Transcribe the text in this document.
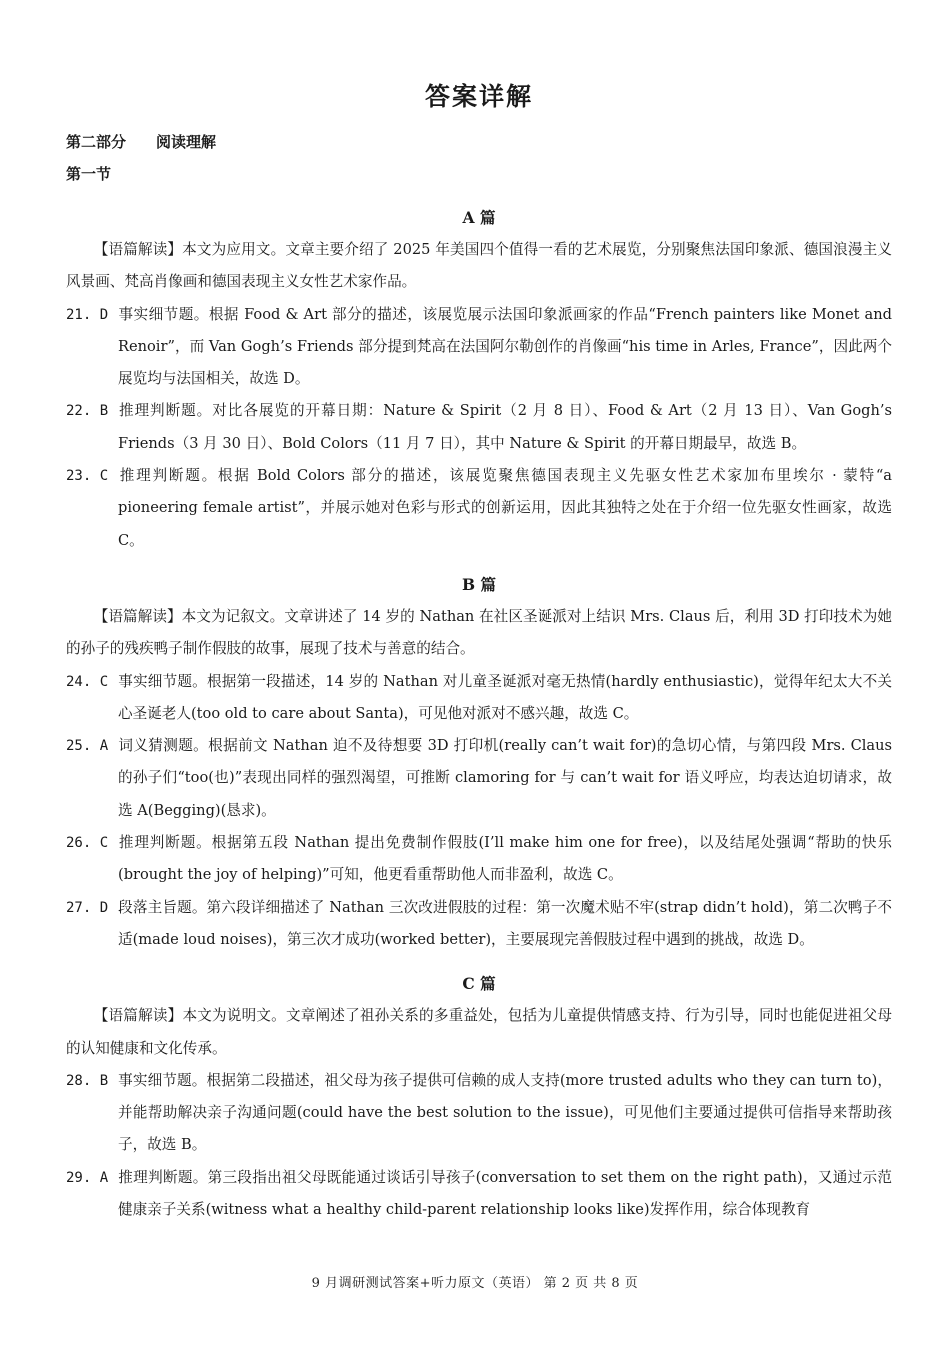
答案详解
第二部分 阅读理解
第一节
A 篇

【语篇解读】本文为应用文。文章主要介绍了 2025 年美国四个值得一看的艺术展览，分别聚焦法国印象派、德国浪漫主义风景画、梵高肖像画和德国表现主义女性艺术家作品。

21. D 事实细节题。根据 Food & Art 部分的描述，该展览展示法国印象派画家的作品“French painters like Monet and Renoir”，而 Van Gogh’s Friends 部分提到梵高在法国阿尔勒创作的肖像画“his time in Arles, France”，因此两个展览均与法国相关，故选 D。

22. B 推理判断题。对比各展览的开幕日期：Nature & Spirit（2 月 8 日）、Food & Art（2 月 13 日）、Van Gogh’s Friends（3 月 30 日）、Bold Colors（11 月 7 日），其中 Nature & Spirit 的开幕日期最早，故选 B。

23. C 推理判断题。根据 Bold Colors 部分的描述，该展览聚焦德国表现主义先驱女性艺术家加布里埃尔 · 蒙特“a pioneering female artist”，并展示她对色彩与形式的创新运用，因此其独特之处在于介绍一位先驱女性画家，故选 C。

B 篇

【语篇解读】本文为记叙文。文章讲述了 14 岁的 Nathan 在社区圣诞派对上结识 Mrs. Claus 后，利用 3D 打印技术为她的孙子的残疾鸭子制作假肢的故事，展现了技术与善意的结合。

24. C 事实细节题。根据第一段描述，14 岁的 Nathan 对儿童圣诞派对毫无热情(hardly enthusiastic)，觉得年纪太大不关心圣诞老人(too old to care about Santa)，可见他对派对不感兴趣，故选 C。

25. A 词义猜测题。根据前文 Nathan 迫不及待想要 3D 打印机(really can’t wait for)的急切心情，与第四段 Mrs. Claus 的孙子们“too(也)”表现出同样的强烈渴望，可推断 clamoring for 与 can’t wait for 语义呼应，均表达迫切请求，故选 A(Begging)(恳求)。

26. C 推理判断题。根据第五段 Nathan 提出免费制作假肢(I’ll make him one for free)，以及结尾处强调“帮助的快乐(brought the joy of helping)”可知，他更看重帮助他人而非盈利，故选 C。

27. D 段落主旨题。第六段详细描述了 Nathan 三次改进假肢的过程：第一次魔术贴不牢(strap didn’t hold)，第二次鸭子不适(made loud noises)，第三次才成功(worked better)，主要展现完善假肢过程中遇到的挑战，故选 D。

C 篇

【语篇解读】本文为说明文。文章阐述了祖孙关系的多重益处，包括为儿童提供情感支持、行为引导，同时也能促进祖父母的认知健康和文化传承。

28. B 事实细节题。根据第二段描述，祖父母为孩子提供可信赖的成人支持(more trusted adults who they can turn to)，并能帮助解决亲子沟通问题(could have the best solution to the issue)，可见他们主要通过提供可信指导来帮助孩子，故选 B。

29. A 推理判断题。第三段指出祖父母既能通过谈话引导孩子(conversation to set them on the right path)，又通过示范健康亲子关系(witness what a healthy child-parent relationship looks like)发挥作用，综合体现教育

9 月调研测试答案+听力原文（英语） 第 2 页 共 8 页
